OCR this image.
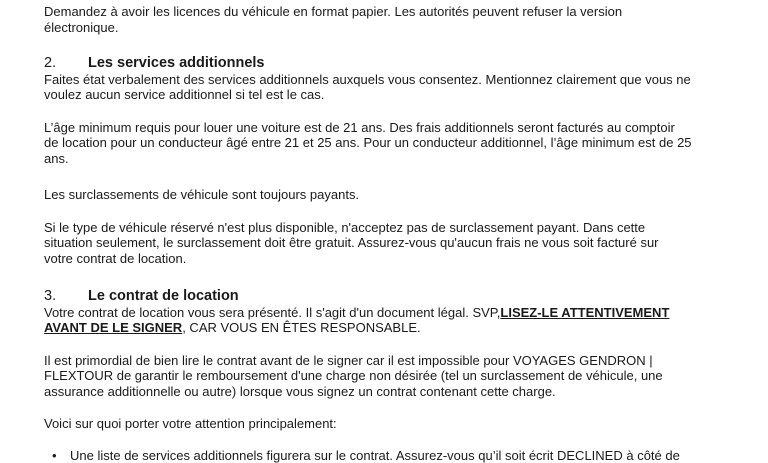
Demandez à avoir les licences du véhicule en format papier. Les autorités peuvent refuser la version
électronique.

2.	Les services additionnels

Faites état verbalement des services additionnels auxquels vous consentez. Mentionnez clairement que vous ne
voulez aucun service additionnel si tel est le cas.

L’âge minimum requis pour louer une voiture est de 21 ans. Des frais additionnels seront facturés au comptoir
de location pour un conducteur âgé entre 21 et 25 ans. Pour un conducteur additionnel, l’âge minimum est de 25
ans.

Les surclassements de véhicule sont toujours payants.

Si le type de véhicule réservé n'est plus disponible, n'acceptez pas de surclassement payant. Dans cette
situation seulement, le surclassement doit être gratuit. Assurez-vous qu'aucun frais ne vous soit facturé sur
votre contrat de location.

3.	Le contrat de location

Votre contrat de location vous sera présenté. Il s'agit d'un document légal. SVP,LISEZ-LE ATTENTIVEMENT
AVANT DE LE SIGNER, CAR VOUS EN ÊTES RESPONSABLE.

Il est primordial de bien lire le contrat avant de le signer car il est impossible pour VOYAGES GENDRON |
FLEXTOUR de garantir le remboursement d'une charge non désirée (tel un surclassement de véhicule, une
assurance additionnelle ou autre) lorsque vous signez un contrat contenant cette charge.

Voici sur quoi porter votre attention principalement:

• Une liste de services additionnels figurera sur le contrat. Assurez-vous qu’il soit écrit DECLINED à côté de
